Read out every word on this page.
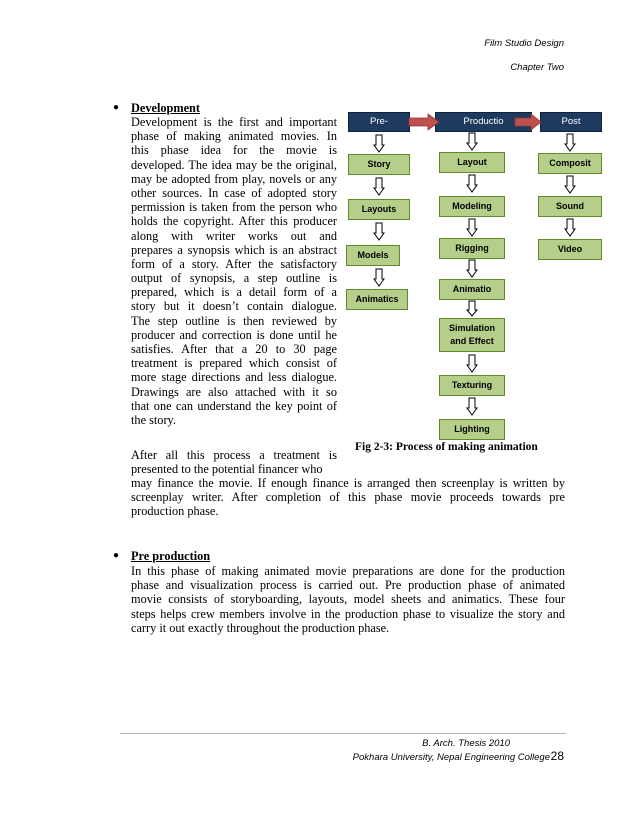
Film Studio Design
Chapter Two
● Development
Development is the first and important
phase of making animated movies. In
this phase idea for the movie is
developed. The idea may be the original,
may be adopted from play, novels or any
other sources. In case of adopted story
permission is taken from the person who
holds the copyright. After this producer
along with writer works out and
prepares a synopsis which is an abstract
form of a story. After the satisfactory
output of synopsis, a step outline is
prepared, which is a detail form of a
story but it doesn’t contain dialogue.
The step outline is then reviewed by
producer and correction is done until he
satisfies. After that a 20 to 30 page
treatment is prepared which consist of
more stage directions and less dialogue.
Drawings are also attached with it so
that one can understand the key point of
the story.
After all this process a treatment is
presented to the potential financer who
may finance the movie. If enough finance is arranged then screenplay is written by
screenplay writer. After completion of this phase movie proceeds towards pre
production phase.
Pre-	Productio	Post
Story
Layouts
Models
Animatics
Layout
Modeling
Rigging
Animatio
Simulation
and Effect
Texturing
Lighting
Composit
Sound
Video
Fig 2-3: Process of making animation
● Pre production
In this phase of making animated movie preparations are done for the production
phase and visualization process is carried out. Pre production phase of animated
movie consists of storyboarding, layouts, model sheets and animatics. These four
steps helps crew members involve in the production phase to visualize the story and
carry it out exactly throughout the production phase.
B. Arch. Thesis 2010
Pokhara University, Nepal Engineering College 28
